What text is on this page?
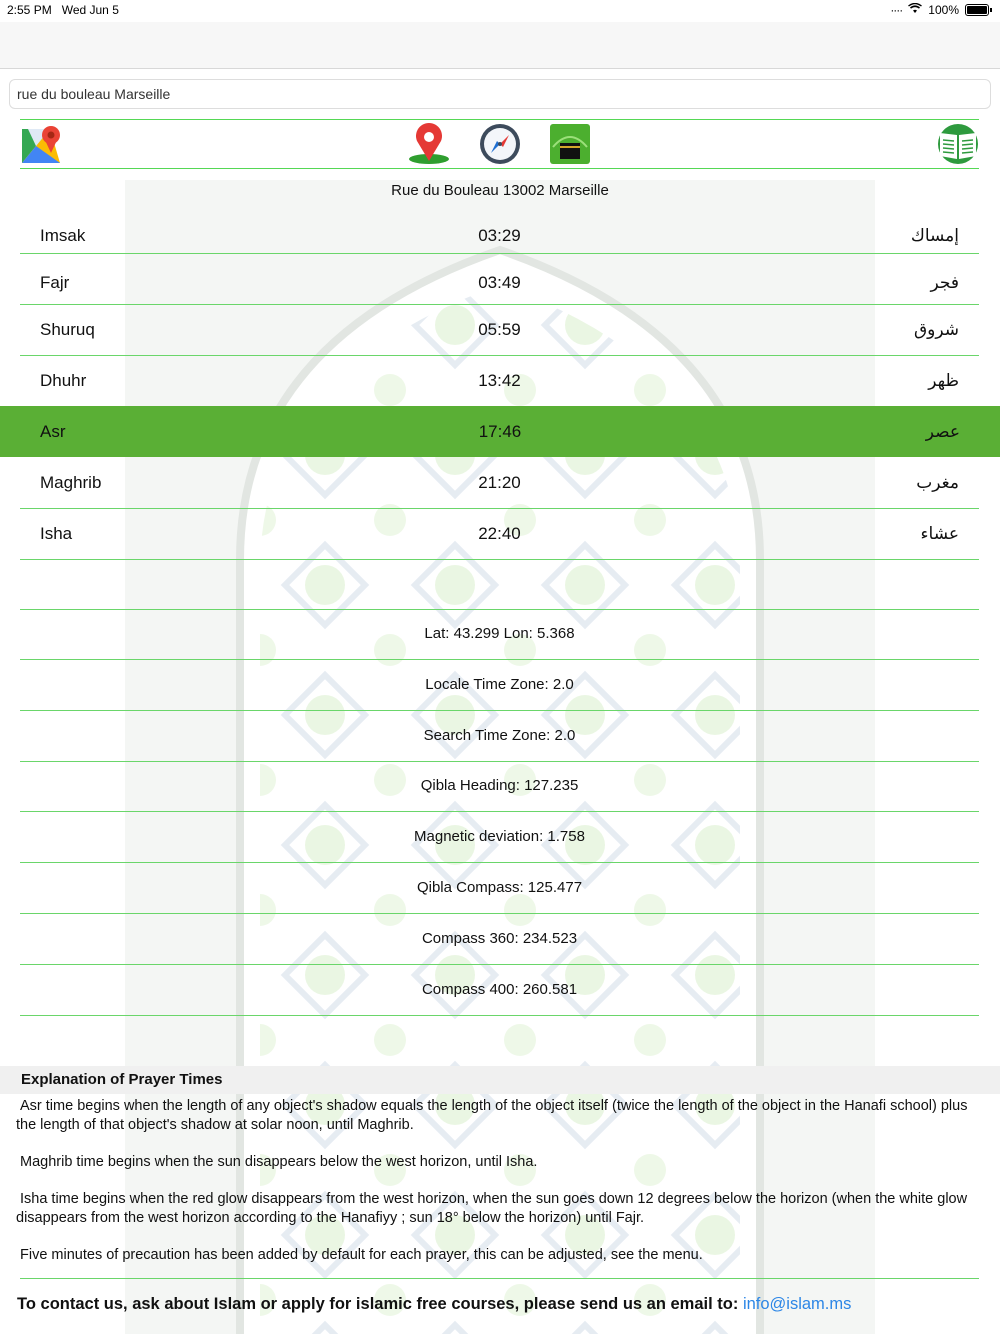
2:55 PM Wed Jun 5	···· 100%
rue du bouleau Marseille
Rue du Bouleau 13002 Marseille
Imsak	03:29	إمساك
Fajr	03:49	فجر
Shuruq	05:59	شروق
Dhuhr	13:42	ظهر
Asr	17:46	عصر
Maghrib	21:20	مغرب
Isha	22:40	عشاء
Lat: 43.299 Lon: 5.368
Locale Time Zone: 2.0
Search Time Zone: 2.0
Qibla Heading: 127.235
Magnetic deviation: 1.758
Qibla Compass: 125.477
Compass 360: 234.523
Compass 400: 260.581
Explanation of Prayer Times

Asr time begins when the length of any object's shadow equals the length of the object itself (twice the length of the object in the Hanafi school) plus the length of that object's shadow at solar noon, until Maghrib.

Maghrib time begins when the sun disappears below the west horizon, until Isha.

Isha time begins when the red glow disappears from the west horizon, when the sun goes down 12 degrees below the horizon (when the white glow disappears from the west horizon according to the Hanafiyy ; sun 18° below the horizon) until Fajr.

Five minutes of precaution has been added by default for each prayer, this can be adjusted, see the menu.

To contact us, ask about Islam or apply for islamic free courses, please send us an email to: info@islam.ms
